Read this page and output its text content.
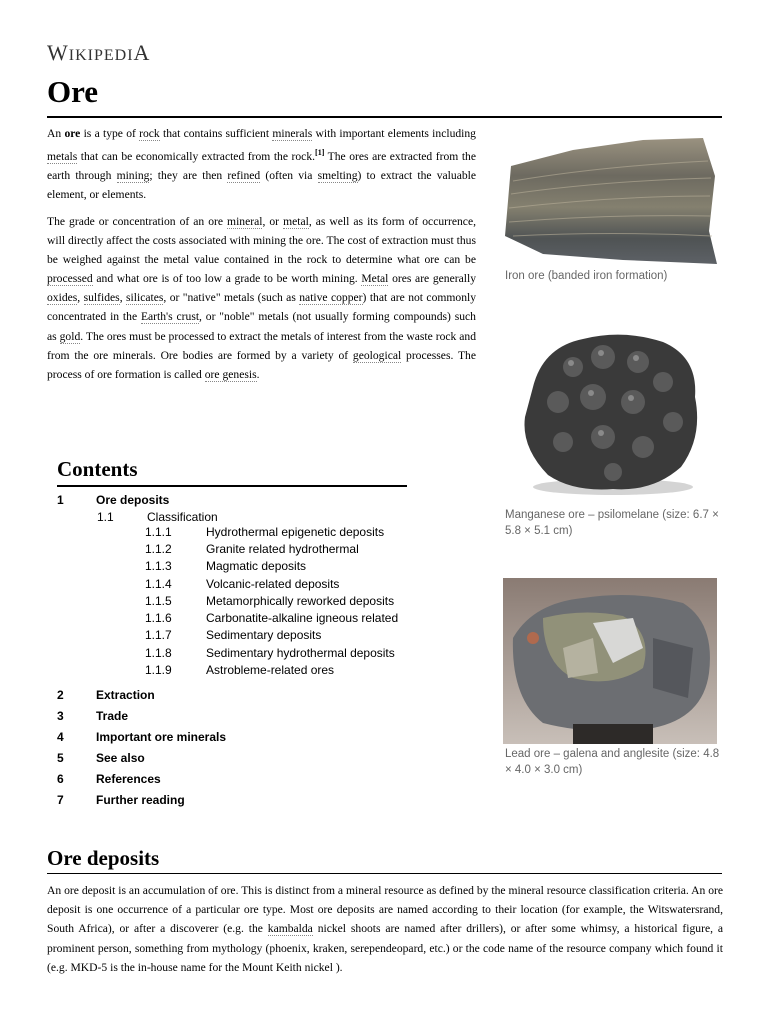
WIKIPEDIA
Ore

An ore is a type of rock that contains sufficient minerals with important elements including metals that can be economically extracted from the rock.[1] The ores are extracted from the earth through mining; they are then refined (often via smelting) to extract the valuable element, or elements.

The grade or concentration of an ore mineral, or metal, as well as its form of occurrence, will directly affect the costs associated with mining the ore. The cost of extraction must thus be weighed against the metal value contained in the rock to determine what ore can be processed and what ore is of too low a grade to be worth mining. Metal ores are generally oxides, sulfides, silicates, or "native" metals (such as native copper) that are not commonly concentrated in the Earth's crust, or "noble" metals (not usually forming compounds) such as gold. The ores must be processed to extract the metals of interest from the waste rock and from the ore minerals. Ore bodies are formed by a variety of geological processes. The process of ore formation is called ore genesis.

Iron ore (banded iron formation)
Manganese ore – psilomelane (size: 6.7 × 5.8 × 5.1 cm)
Lead ore – galena and anglesite (size: 4.8 × 4.0 × 3.0 cm)
Contents
1	Ore deposits
1.1	Classification
1.1.1	Hydrothermal epigenetic deposits
1.1.2	Granite related hydrothermal
1.1.3	Magmatic deposits
1.1.4	Volcanic-related deposits
1.1.5	Metamorphically reworked deposits
1.1.6	Carbonatite-alkaline igneous related
1.1.7	Sedimentary deposits
1.1.8	Sedimentary hydrothermal deposits
1.1.9	Astrobleme-related ores
2	Extraction
3	Trade
4	Important ore minerals
5	See also
6	References
7	Further reading
Ore deposits

An ore deposit is an accumulation of ore. This is distinct from a mineral resource as defined by the mineral resource classification criteria. An ore deposit is one occurrence of a particular ore type. Most ore deposits are named according to their location (for example, the Witswatersrand, South Africa), or after a discoverer (e.g. the kambalda nickel shoots are named after drillers), or after some whimsy, a historical figure, a prominent person, something from mythology (phoenix, kraken, serependeopard, etc.) or the code name of the resource company which found it (e.g. MKD-5 is the in-house name for the Mount Keith nickel ).
